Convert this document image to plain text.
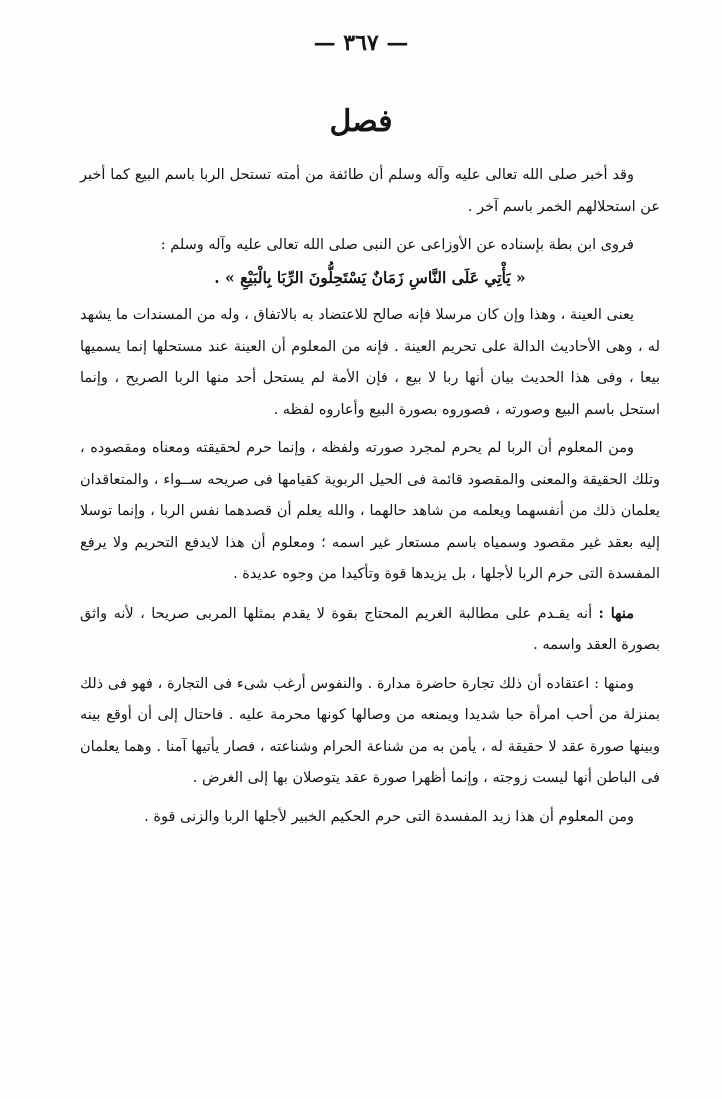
— ٣٦٧ —
فصل

وقد أخبر صلى الله تعالى عليه وآله وسلم أن طائفة من أمته تستحل الربا باسم البيع كما أخبر عن استحلالهم الخمر باسم آخر .

فروى ابن بطة بإسناده عن الأوزاعى عن النبى صلى الله تعالى عليه وآله وسلم :

« يَأْتِي عَلَى النَّاسِ زَمَانٌ يَسْتَحِلُّونَ الرِّبَا بِالْبَيْعِ » .

يعنى العينة ، وهذا وإن كان مرسلا فإنه صالح للاعتضاد به بالاتفاق ، وله من المسندات ما يشهد له ، وهى الأحاديث الدالة على تحريم العينة . فإنه من المعلوم أن العينة عند مستحلها إنما يسميها بيعا ، وفى هذا الحديث بيان أنها ربا لا بيع ، فإن الأمة لم يستحل أحد منها الربا الصريح ، وإنما استحل باسم البيع وصورته ، فصوروه بصورة البيع وأعاروه لفظه .

ومن المعلوم أن الربا لم يحرم لمجرد صورته ولفظه ، وإنما حرم لحقيقته ومعناه ومقصوده ، وتلك الحقيقة والمعنى والمقصود قائمة فى الحيل الربوية كقيامها فى صريحه ســواء ، والمتعاقدان يعلمان ذلك من أنفسهما ويعلمه من شاهد حالهما ، والله يعلم أن قصدهما نفس الربا ، وإنما توسلا إليه بعقد غير مقصود وسمياه باسم مستعار غير اسمه ؛ ومعلوم أن هذا لايدفع التحريم ولا يرفع المفسدة التى حرم الربا لأجلها ، بل يزيدها قوة وتأكيدا من وجوه عديدة .

منها : أنه يقـدم على مطالبة الغريم المحتاج بقوة لا يقدم بمثلها المربى صريحا ، لأنه واثق بصورة العقد واسمه .

ومنها : اعتقاده أن ذلك تجارة حاضرة مدارة . والنفوس أرغب شىء فى التجارة ، فهو فى ذلك بمنزلة من أحب امرأة حبا شديدا ويمنعه من وصالها كونها محرمة عليه . فاحتال إلى أن أوقع بينه وبينها صورة عقد لا حقيقة له ، يأمن به من شناعة الحرام وشناعته ، فصار يأتيها آمنا . وهما يعلمان فى الباطن أنها ليست زوجته ، وإنما أظهرا صورة عقد يتوصلان بها إلى الغرض .

ومن المعلوم أن هذا زيد المفسدة التى حرم الحكيم الخبير لأجلها الربا والزنى قوة .
